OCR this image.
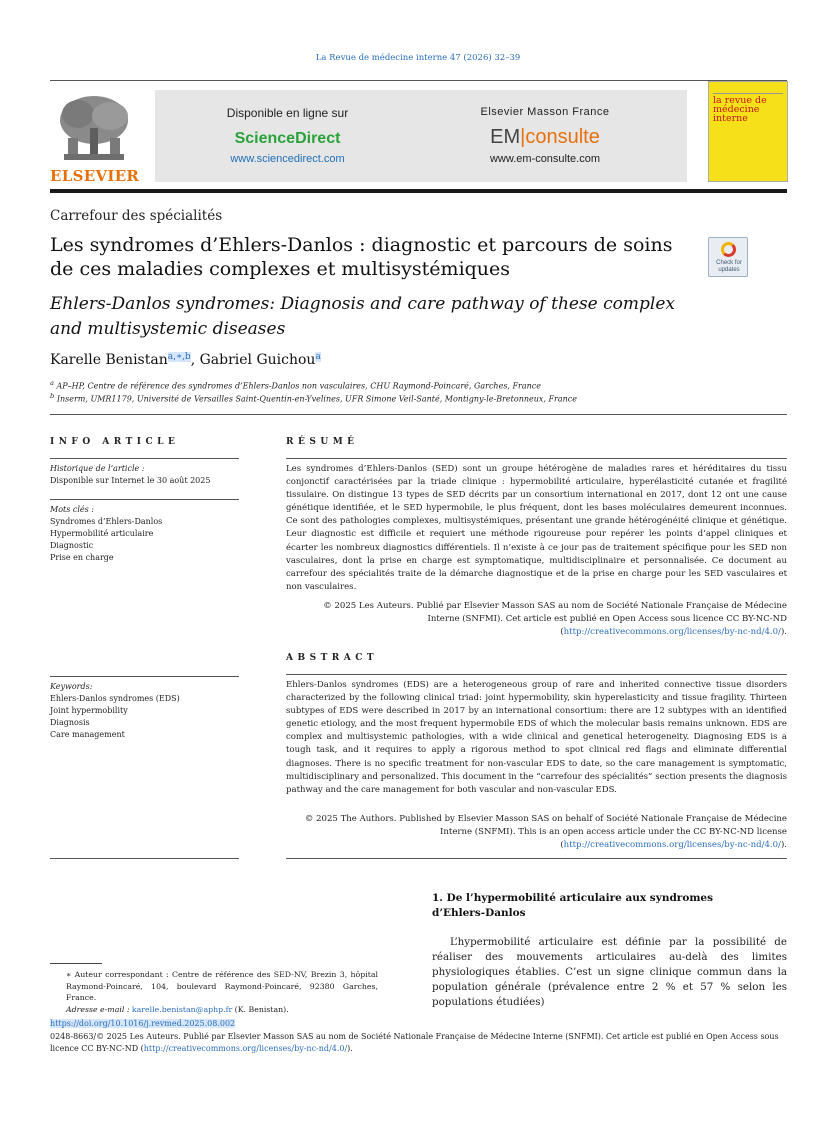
La Revue de médecine interne 47 (2026) 32–39
ELSEVIER
Disponible en ligne sur
ScienceDirect
www.sciencedirect.com
Elsevier Masson France
EM|consulte
www.em-consulte.com
la revue de médecine interne
Carrefour des spécialités
Les syndromes d’Ehlers-Danlos : diagnostic et parcours de soins de ces maladies complexes et multisystémiques	Check for updates
Ehlers-Danlos syndromes: Diagnosis and care pathway of these complex and multisystemic diseases
Karelle Benistan$^{a,∗,b}$, Gabriel Guichou$^a$
$^a$ AP–HP, Centre de référence des syndromes d’Ehlers-Danlos non vasculaires, CHU Raymond-Poincaré, Garches, France
$^b$ Inserm, UMR1179, Université de Versailles Saint-Quentin-en-Yvelines, UFR Simone Veil-Santé, Montigny-le-Bretonneux, France
INFO ARTICLE
Historique de l’article :
Disponible sur Internet le 30 août 2025
Mots clés :
Syndromes d’Ehlers-Danlos
Hypermobilité articulaire
Diagnostic
Prise en charge
Keywords:
Ehlers-Danlos syndromes (EDS)
Joint hypermobility
Diagnosis
Care management
RÉSUMÉ
Les syndromes d’Ehlers-Danlos (SED) sont un groupe hétérogène de maladies rares et héréditaires du tissu conjonctif caractérisées par la triade clinique : hypermobilité articulaire, hyperélasticité cutanée et fragilité tissulaire. On distingue 13 types de SED décrits par un consortium international en 2017, dont 12 ont une cause génétique identifiée, et le SED hypermobile, le plus fréquent, dont les bases moléculaires demeurent inconnues. Ce sont des pathologies complexes, multisystémiques, présentant une grande hétérogénéité clinique et génétique. Leur diagnostic est difficile et requiert une méthode rigoureuse pour repérer les points d’appel cliniques et écarter les nombreux diagnostics différentiels. Il n’existe à ce jour pas de traitement spécifique pour les SED non vasculaires, dont la prise en charge est symptomatique, multidisciplinaire et personnalisée. Ce document au carrefour des spécialités traite de la démarche diagnostique et de la prise en charge pour les SED vasculaires et non vasculaires.
© 2025 Les Auteurs. Publié par Elsevier Masson SAS au nom de Société Nationale Française de Médecine Interne (SNFMI). Cet article est publié en Open Access sous licence CC BY-NC-ND (http://creativecommons.org/licenses/by-nc-nd/4.0/).
ABSTRACT
Ehlers-Danlos syndromes (EDS) are a heterogeneous group of rare and inherited connective tissue disorders characterized by the following clinical triad: joint hypermobility, skin hyperelasticity and tissue fragility. Thirteen subtypes of EDS were described in 2017 by an international consortium: there are 12 subtypes with an identified genetic etiology, and the most frequent hypermobile EDS of which the molecular basis remains unknown. EDS are complex and multisystemic pathologies, with a wide clinical and genetical heterogeneity. Diagnosing EDS is a tough task, and it requires to apply a rigorous method to spot clinical red flags and eliminate differential diagnoses. There is no specific treatment for non-vascular EDS to date, so the care management is symptomatic, multidisciplinary and personalized. This document in the “carrefour des spécialités” section presents the diagnosis pathway and the care management for both vascular and non-vascular EDS.
© 2025 The Authors. Published by Elsevier Masson SAS on behalf of Société Nationale Française de Médecine Interne (SNFMI). This is an open access article under the CC BY-NC-ND license (http://creativecommons.org/licenses/by-nc-nd/4.0/).
1. De l’hypermobilité articulaire aux syndromes d’Ehlers-Danlos
L’hypermobilité articulaire est définie par la possibilité de réaliser des mouvements articulaires au-delà des limites physiologiques établies. C’est un signe clinique commun dans la population générale (prévalence entre 2 % et 57 % selon les populations étudiées)
∗ Auteur correspondant : Centre de référence des SED-NV, Brezin 3, hôpital Raymond-Poincaré, 104, boulevard Raymond-Poincaré, 92380 Garches, France.
Adresse e-mail : karelle.benistan@aphp.fr (K. Benistan).
https://doi.org/10.1016/j.revmed.2025.08.002
0248-8663/© 2025 Les Auteurs. Publié par Elsevier Masson SAS au nom de Société Nationale Française de Médecine Interne (SNFMI). Cet article est publié en Open Access sous licence CC BY-NC-ND (http://creativecommons.org/licenses/by-nc-nd/4.0/).
